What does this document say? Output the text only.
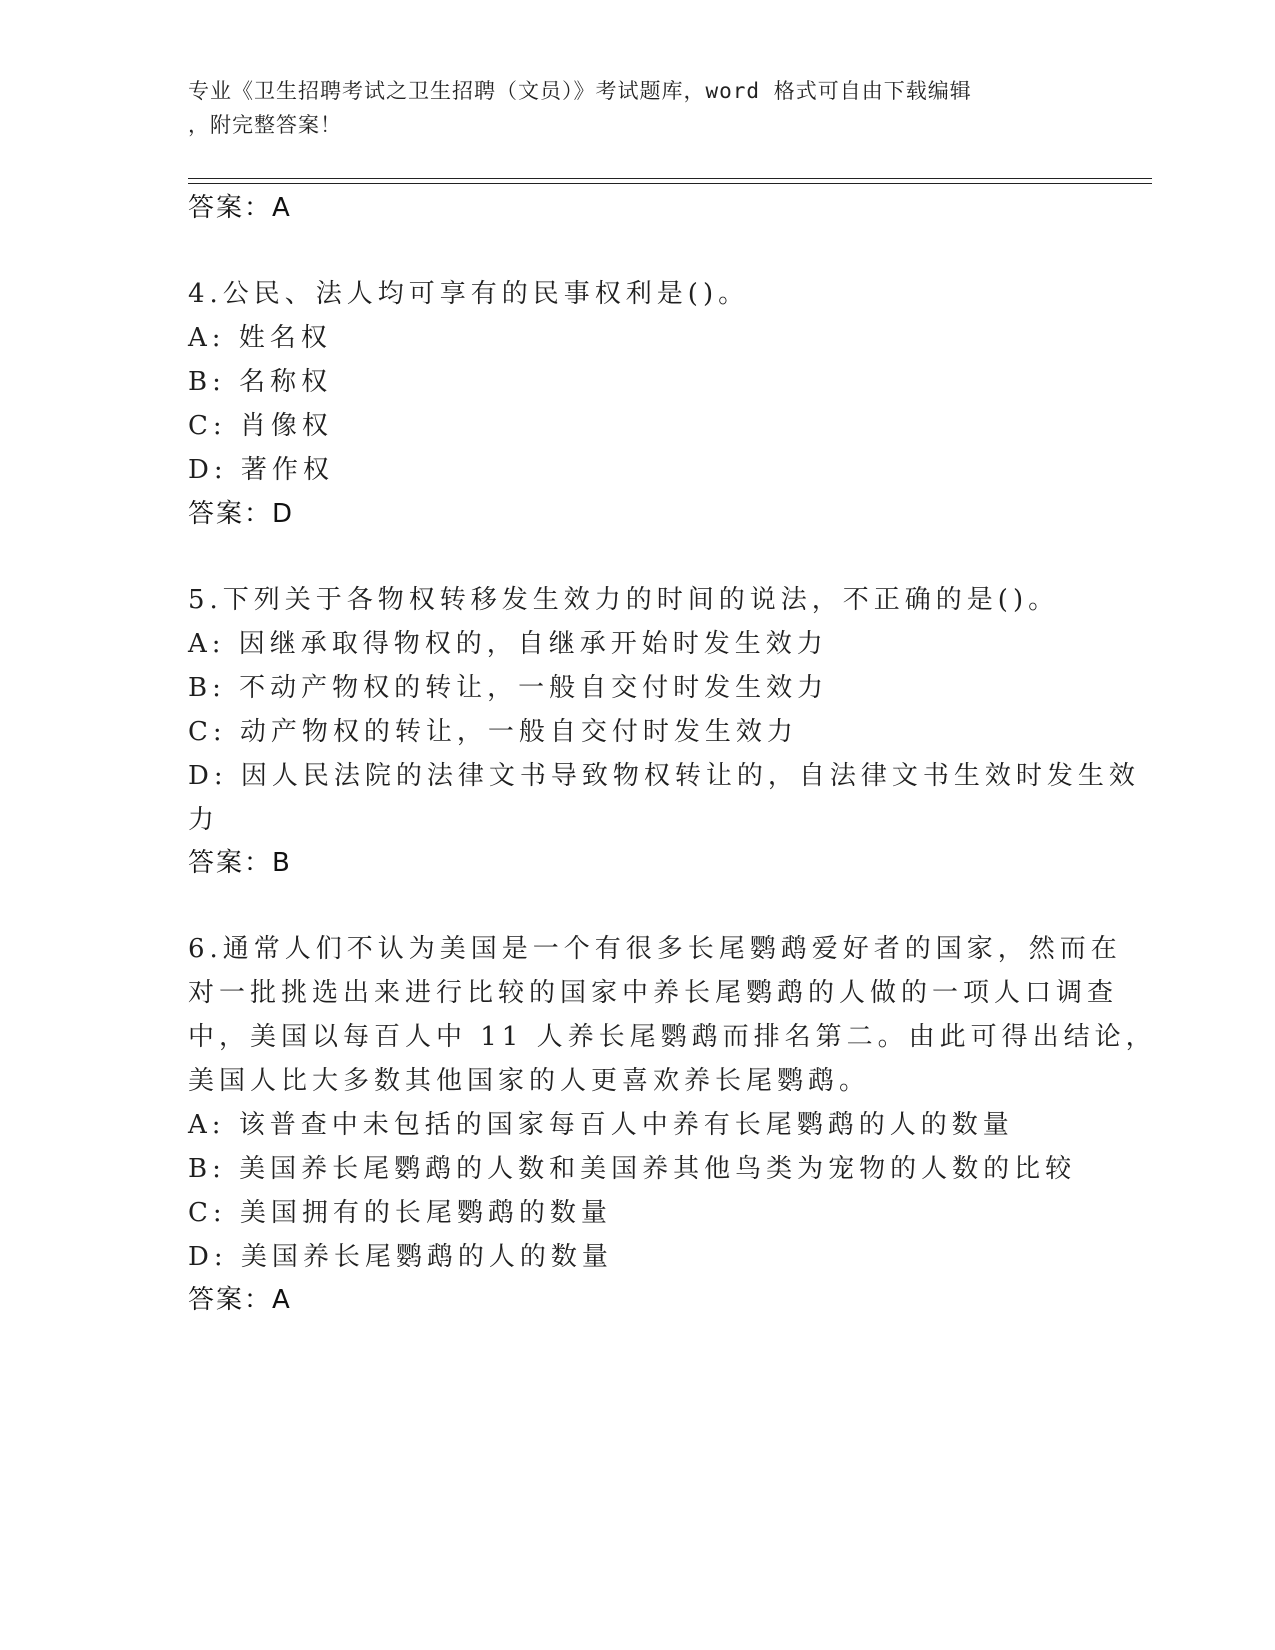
专业《卫生招聘考试之卫生招聘（文员）》考试题库，word 格式可自由下载编辑
，附完整答案！
答案：A
4.公民、法人均可享有的民事权利是()。
A: 姓名权
B: 名称权
C: 肖像权
D: 著作权
答案：D
5.下列关于各物权转移发生效力的时间的说法，不正确的是()。
A: 因继承取得物权的，自继承开始时发生效力
B: 不动产物权的转让，一般自交付时发生效力
C: 动产物权的转让，一般自交付时发生效力
D: 因人民法院的法律文书导致物权转让的，自法律文书生效时发生效
力
答案：B
6.通常人们不认为美国是一个有很多长尾鹦鹉爱好者的国家，然而在
对一批挑选出来进行比较的国家中养长尾鹦鹉的人做的一项人口调查
中，美国以每百人中 11 人养长尾鹦鹉而排名第二。由此可得出结论，
美国人比大多数其他国家的人更喜欢养长尾鹦鹉。
A: 该普查中未包括的国家每百人中养有长尾鹦鹉的人的数量
B: 美国养长尾鹦鹉的人数和美国养其他鸟类为宠物的人数的比较
C: 美国拥有的长尾鹦鹉的数量
D: 美国养长尾鹦鹉的人的数量
答案：A
